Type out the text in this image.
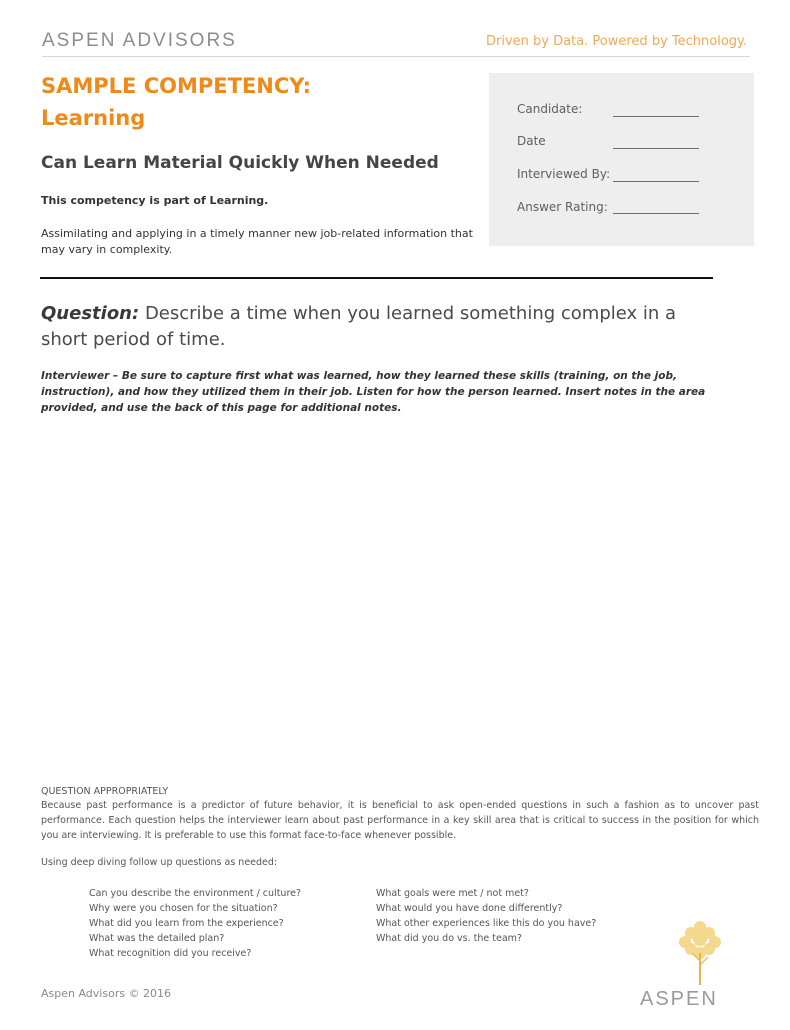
ASPEN ADVISORS	Driven by Data. Powered by Technology.
SAMPLE COMPETENCY:
Learning
Can Learn Material Quickly When Needed
This competency is part of Learning.
Assimilating and applying in a timely manner new job-related information that may vary in complexity.
Candidate:
Date
Interviewed By:
Answer Rating:
Question: Describe a time when you learned something complex in a short period of time.
Interviewer – Be sure to capture first what was learned, how they learned these skills (training, on the job, instruction), and how they utilized them in their job. Listen for how the person learned. Insert notes in the area provided, and use the back of this page for additional notes.
QUESTION APPROPRIATELY
Because past performance is a predictor of future behavior, it is beneficial to ask open-ended questions in such a fashion as to uncover past performance. Each question helps the interviewer learn about past performance in a key skill area that is critical to success in the position for which you are interviewing. It is preferable to use this format face-to-face whenever possible.
Using deep diving follow up questions as needed:
Can you describe the environment / culture?
Why were you chosen for the situation?
What did you learn from the experience?
What was the detailed plan?
What recognition did you receive?
What goals were met / not met?
What would you have done differently?
What other experiences like this do you have?
What did you do vs. the team?
Aspen Advisors © 2016	ASPEN
